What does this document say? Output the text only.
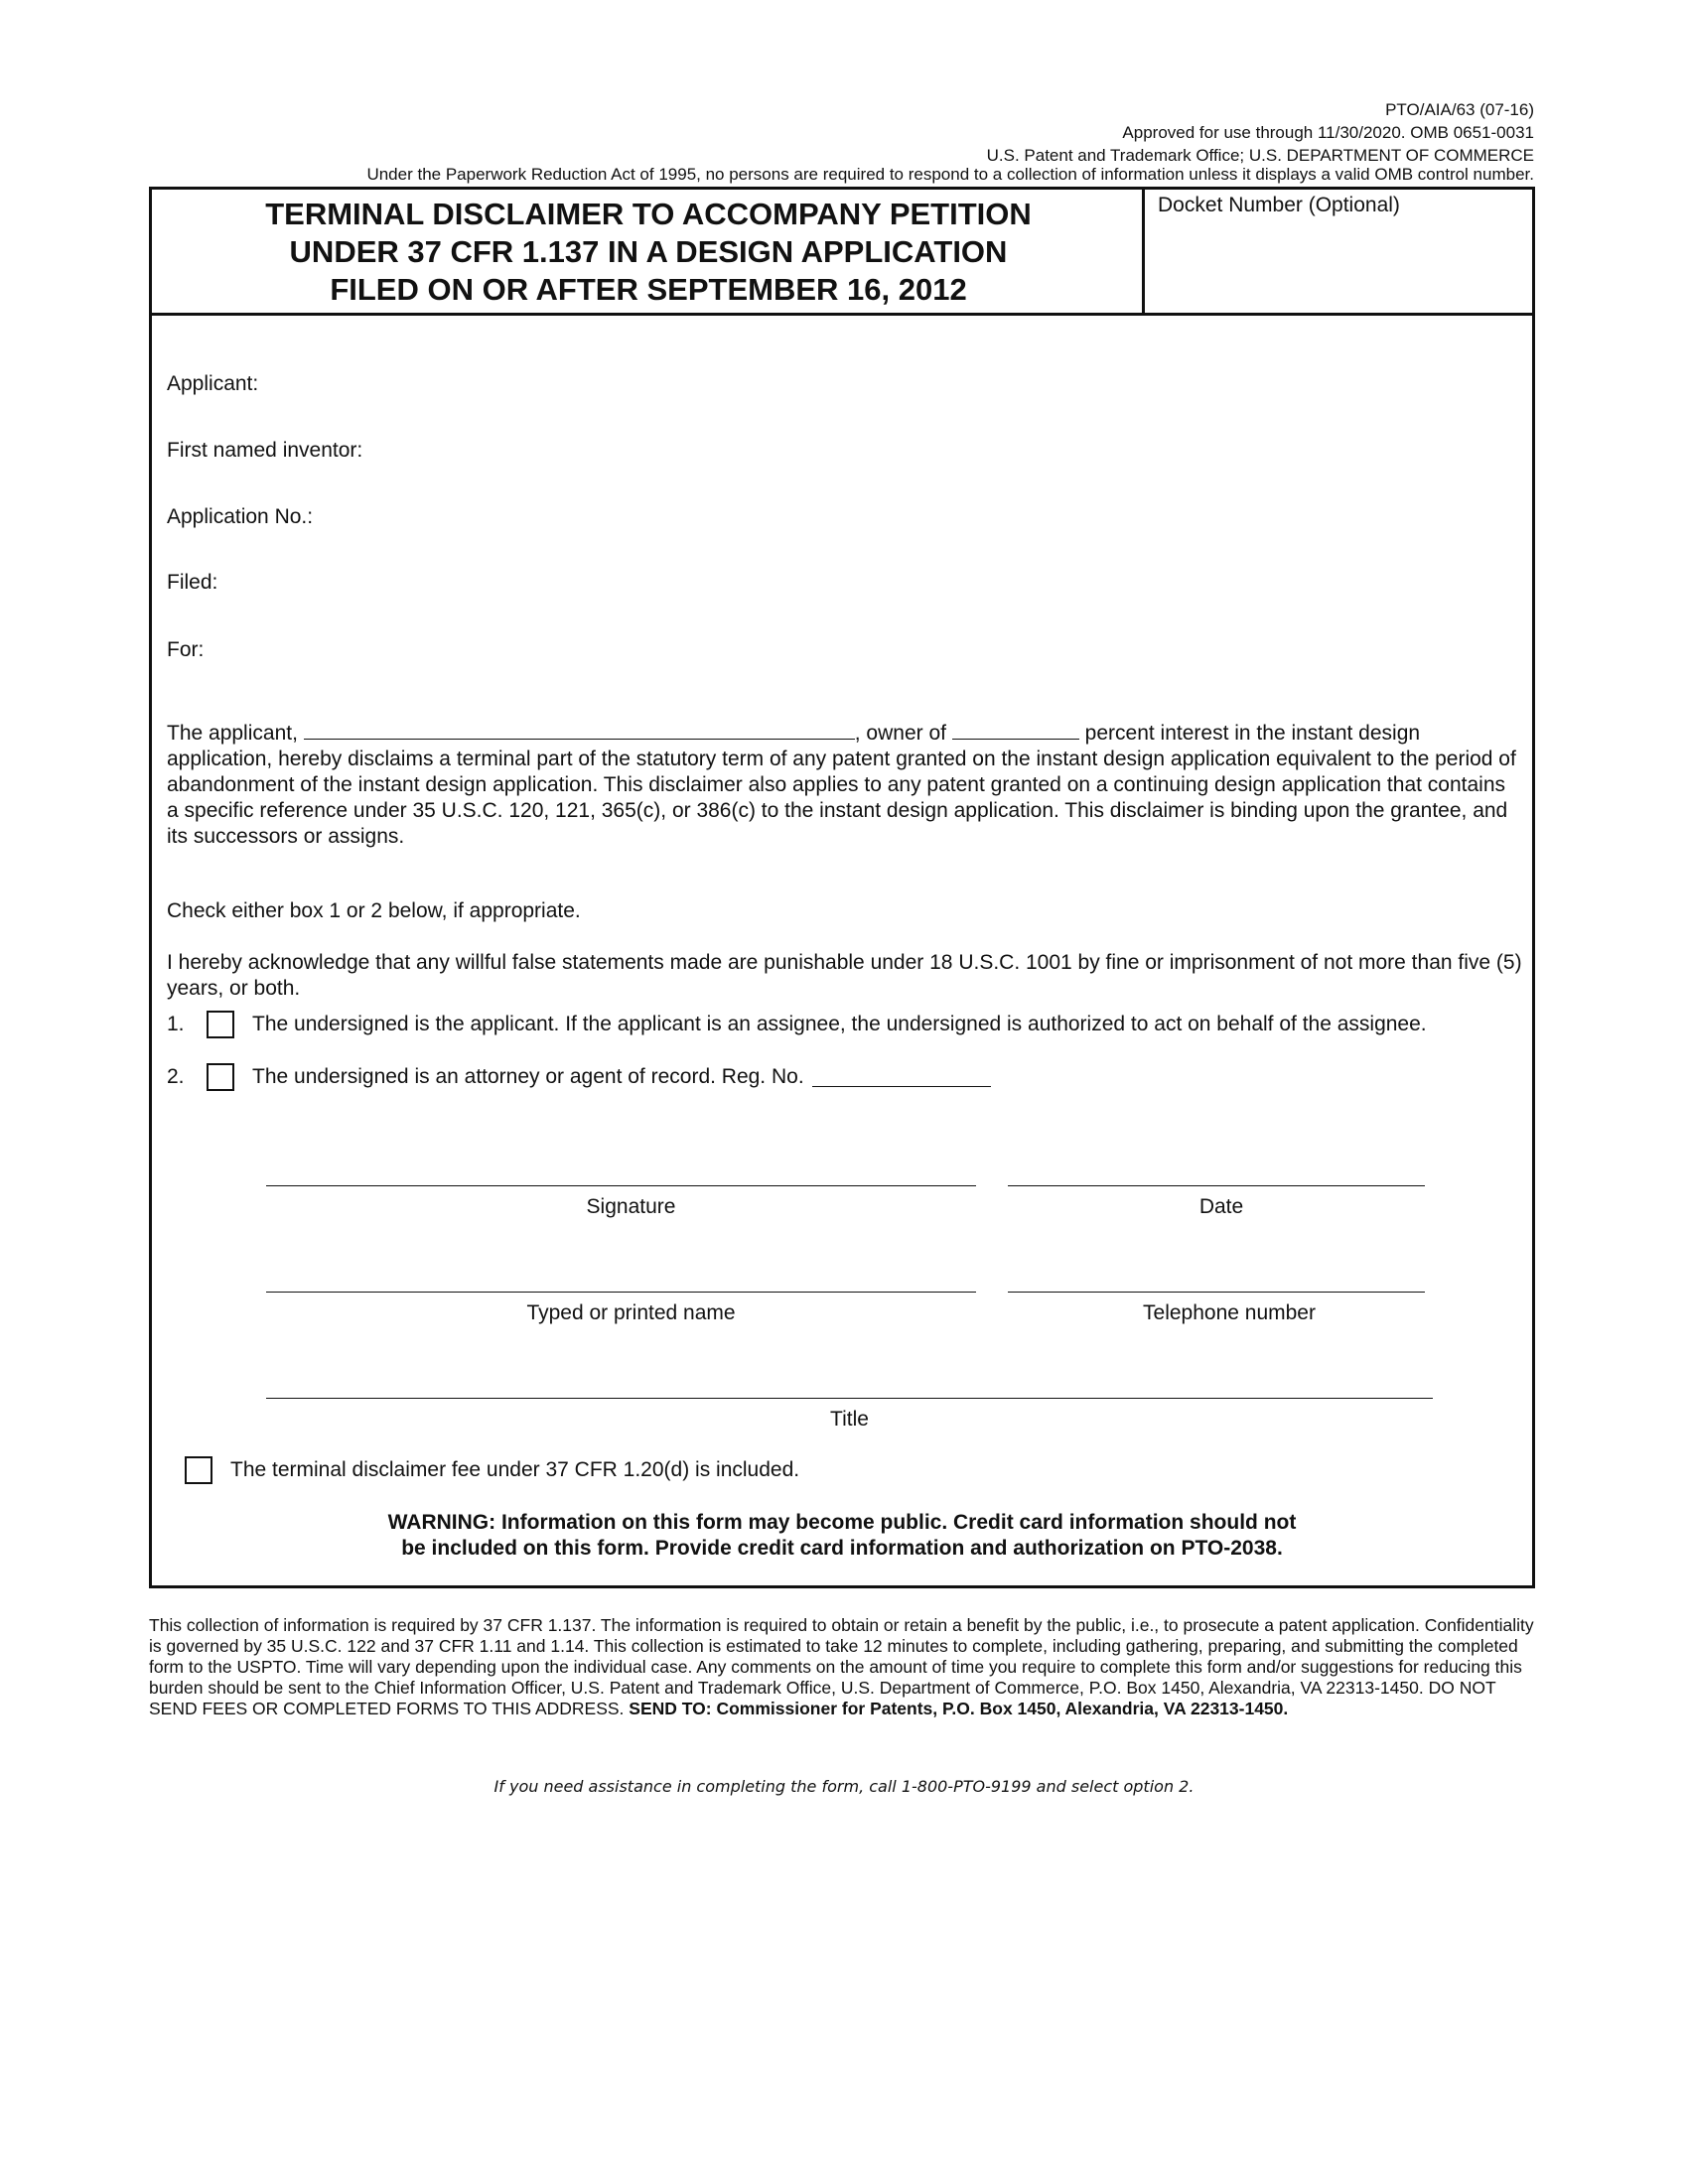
PTO/AIA/63 (07-16)
Approved for use through 11/30/2020. OMB 0651-0031
U.S. Patent and Trademark Office; U.S. DEPARTMENT OF COMMERCE
Under the Paperwork Reduction Act of 1995, no persons are required to respond to a collection of information unless it displays a valid OMB control number.
TERMINAL DISCLAIMER TO ACCOMPANY PETITION
UNDER 37 CFR 1.137 IN A DESIGN APPLICATION
FILED ON OR AFTER SEPTEMBER 16, 2012
Docket Number (Optional)
Applicant:
First named inventor:
Application No.:
Filed:
For:
The applicant,	, owner of	percent interest in the instant design application, hereby disclaims a terminal part of the statutory term of any patent granted on the instant design application equivalent to the period of abandonment of the instant design application. This disclaimer also applies to any patent granted on a continuing design application that contains a specific reference under 35 U.S.C. 120, 121, 365(c), or 386(c) to the instant design application. This disclaimer is binding upon the grantee, and its successors or assigns.
Check either box 1 or 2 below, if appropriate.
I hereby acknowledge that any willful false statements made are punishable under 18 U.S.C. 1001 by fine or imprisonment of not more than five (5) years, or both.
1.	The undersigned is the applicant. If the applicant is an assignee, the undersigned is authorized to act on behalf of the assignee.
2.	The undersigned is an attorney or agent of record. Reg. No.
Signature	Date
Typed or printed name	Telephone number
Title
The terminal disclaimer fee under 37 CFR 1.20(d) is included.
WARNING: Information on this form may become public. Credit card information should not
be included on this form. Provide credit card information and authorization on PTO-2038.
This collection of information is required by 37 CFR 1.137. The information is required to obtain or retain a benefit by the public, i.e., to prosecute a patent application. Confidentiality is governed by 35 U.S.C. 122 and 37 CFR 1.11 and 1.14. This collection is estimated to take 12 minutes to complete, including gathering, preparing, and submitting the completed form to the USPTO. Time will vary depending upon the individual case. Any comments on the amount of time you require to complete this form and/or suggestions for reducing this burden should be sent to the Chief Information Officer, U.S. Patent and Trademark Office, U.S. Department of Commerce, P.O. Box 1450, Alexandria, VA 22313-1450. DO NOT SEND FEES OR COMPLETED FORMS TO THIS ADDRESS. SEND TO: Commissioner for Patents, P.O. Box 1450, Alexandria, VA 22313-1450.
If you need assistance in completing the form, call 1-800-PTO-9199 and select option 2.
